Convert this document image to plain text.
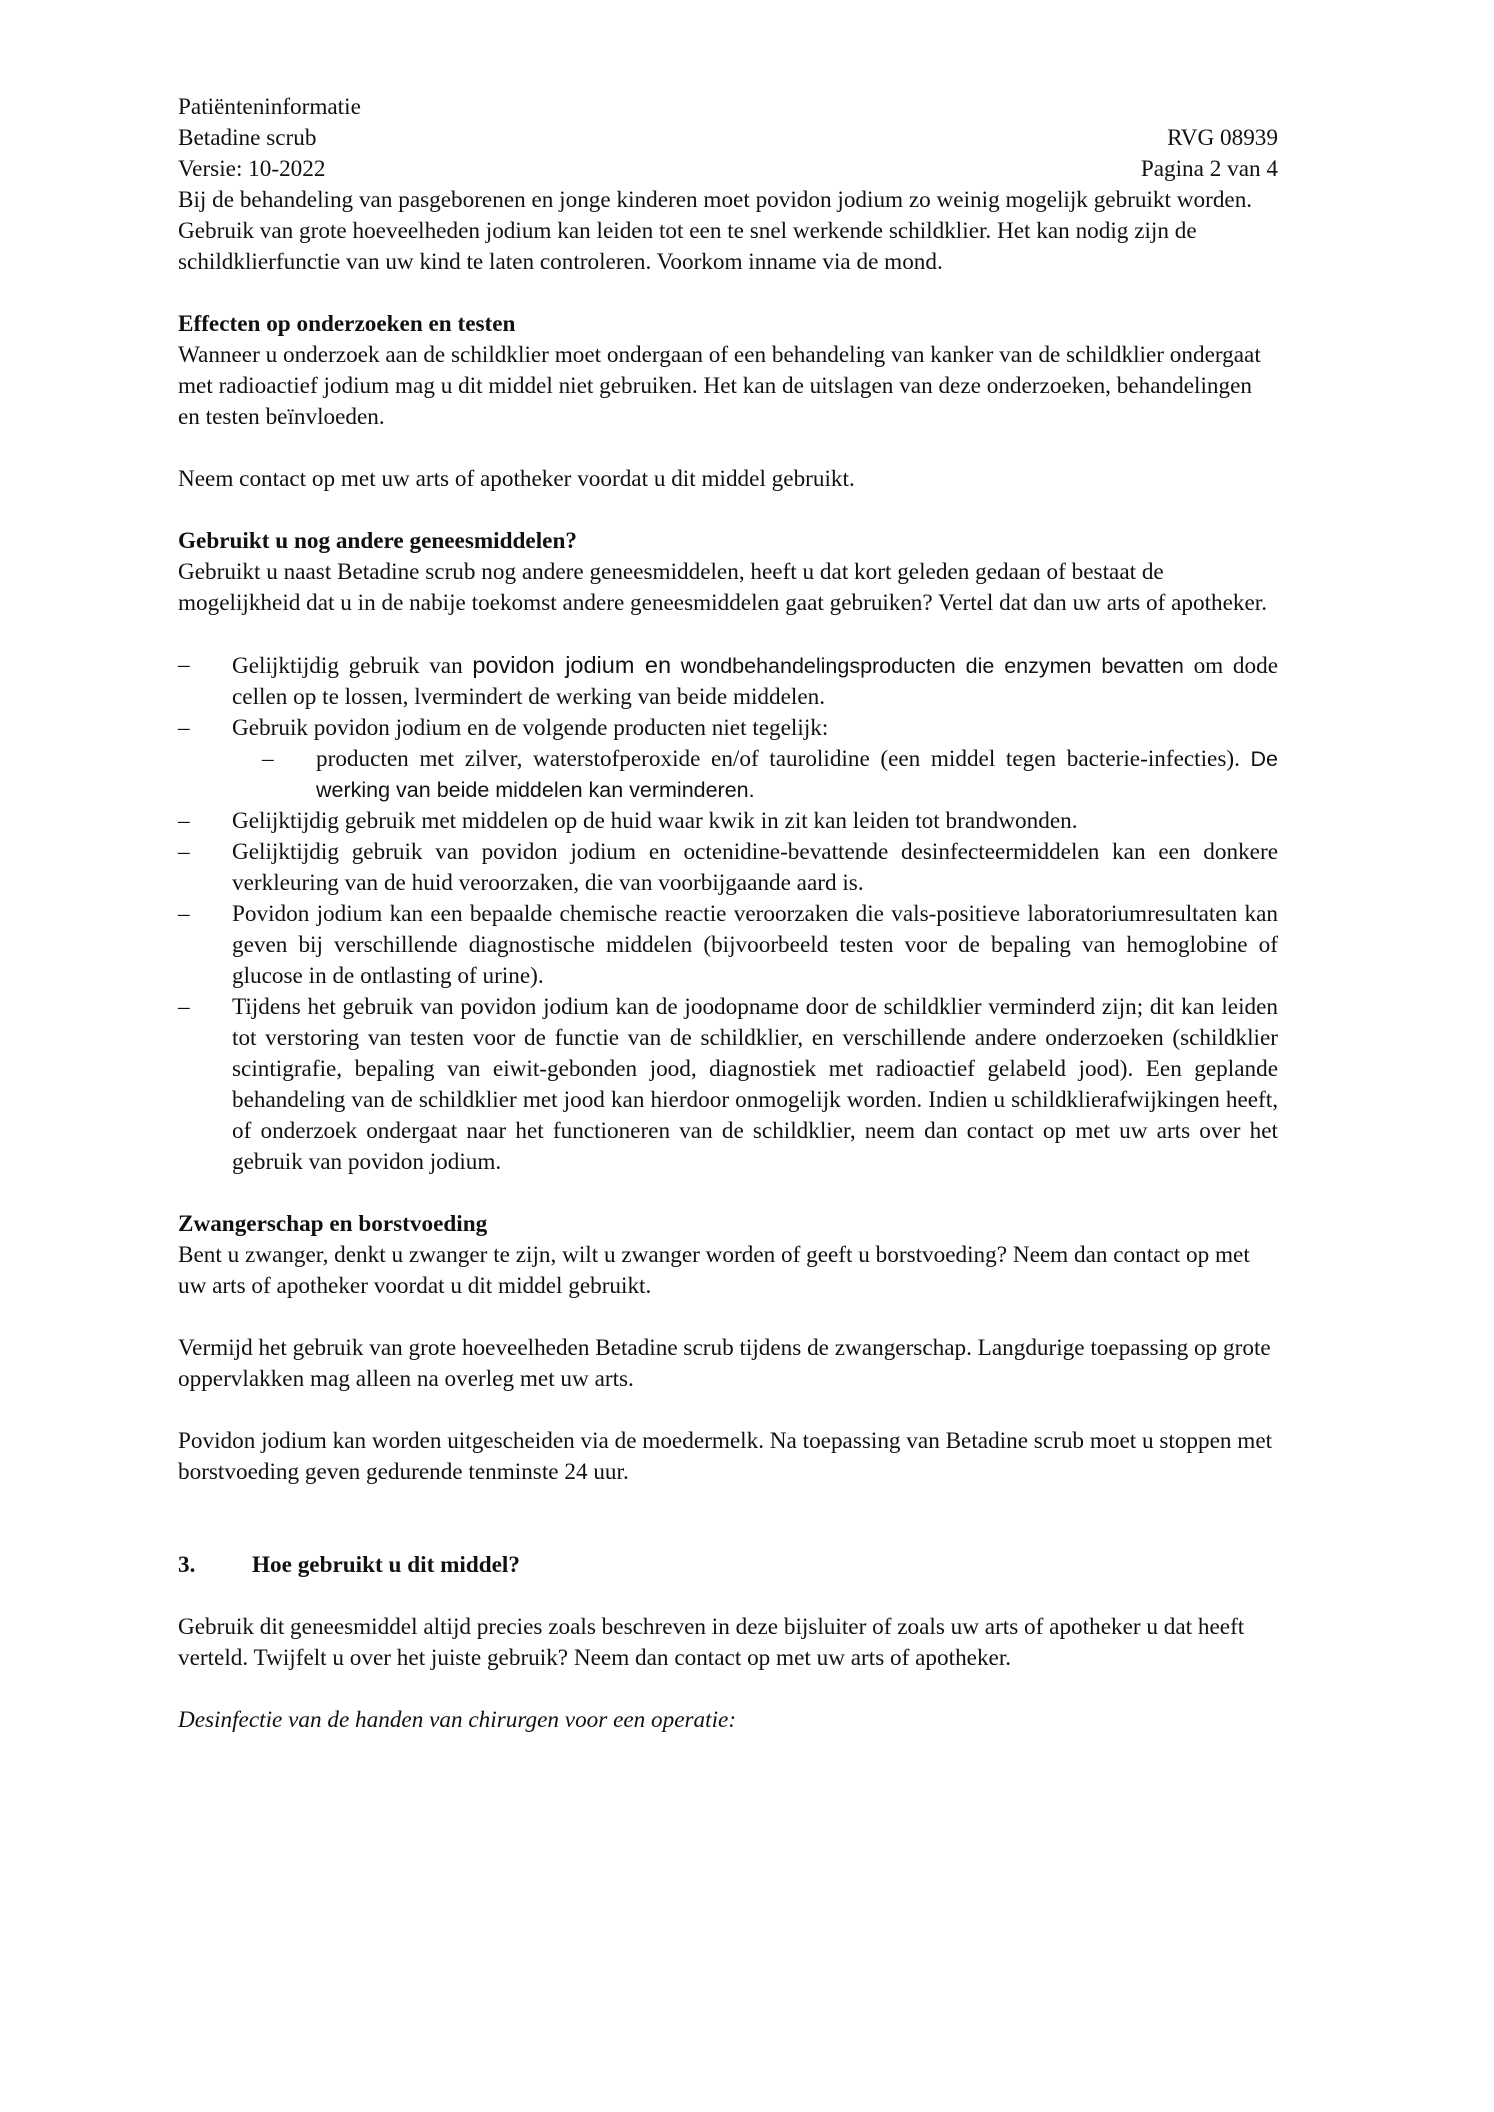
Patiënteninformatie
Betadine scrub	RVG 08939
Versie: 10-2022	Pagina 2 van 4

Bij de behandeling van pasgeborenen en jonge kinderen moet povidon jodium zo weinig mogelijk gebruikt worden. Gebruik van grote hoeveelheden jodium kan leiden tot een te snel werkende schildklier. Het kan nodig zijn de schildklierfunctie van uw kind te laten controleren. Voorkom inname via de mond.

Effecten op onderzoeken en testen

Wanneer u onderzoek aan de schildklier moet ondergaan of een behandeling van kanker van de schildklier ondergaat met radioactief jodium mag u dit middel niet gebruiken. Het kan de uitslagen van deze onderzoeken, behandelingen en testen beïnvloeden.

Neem contact op met uw arts of apotheker voordat u dit middel gebruikt.

Gebruikt u nog andere geneesmiddelen?

Gebruikt u naast Betadine scrub nog andere geneesmiddelen, heeft u dat kort geleden gedaan of bestaat de mogelijkheid dat u in de nabije toekomst andere geneesmiddelen gaat gebruiken? Vertel dat dan uw arts of apotheker.

– Gelijktijdig gebruik van povidon jodium en wondbehandelingsproducten die enzymen bevatten om dode cellen op te lossen, lvermindert de werking van beide middelen.
– Gebruik povidon jodium en de volgende producten niet tegelijk:
– producten met zilver, waterstofperoxide en/of taurolidine (een middel tegen bacterie-infecties). De werking van beide middelen kan verminderen.
– Gelijktijdig gebruik met middelen op de huid waar kwik in zit kan leiden tot brandwonden.
– Gelijktijdig gebruik van povidon jodium en octenidine-bevattende desinfecteermiddelen kan een donkere verkleuring van de huid veroorzaken, die van voorbijgaande aard is.
– Povidon jodium kan een bepaalde chemische reactie veroorzaken die vals-positieve laboratoriumresultaten kan geven bij verschillende diagnostische middelen (bijvoorbeeld testen voor de bepaling van hemoglobine of glucose in de ontlasting of urine).
– Tijdens het gebruik van povidon jodium kan de joodopname door de schildklier verminderd zijn; dit kan leiden tot verstoring van testen voor de functie van de schildklier, en verschillende andere onderzoeken (schildklier scintigrafie, bepaling van eiwit-gebonden jood, diagnostiek met radioactief gelabeld jood). Een geplande behandeling van de schildklier met jood kan hierdoor onmogelijk worden. Indien u schildklierafwijkingen heeft, of onderzoek ondergaat naar het functioneren van de schildklier, neem dan contact op met uw arts over het gebruik van povidon jodium.
Zwangerschap en borstvoeding

Bent u zwanger, denkt u zwanger te zijn, wilt u zwanger worden of geeft u borstvoeding? Neem dan contact op met uw arts of apotheker voordat u dit middel gebruikt.

Vermijd het gebruik van grote hoeveelheden Betadine scrub tijdens de zwangerschap. Langdurige toepassing op grote oppervlakken mag alleen na overleg met uw arts.

Povidon jodium kan worden uitgescheiden via de moedermelk. Na toepassing van Betadine scrub moet u stoppen met borstvoeding geven gedurende tenminste 24 uur.

3.	Hoe gebruikt u dit middel?

Gebruik dit geneesmiddel altijd precies zoals beschreven in deze bijsluiter of zoals uw arts of apotheker u dat heeft verteld. Twijfelt u over het juiste gebruik? Neem dan contact op met uw arts of apotheker.

Desinfectie van de handen van chirurgen voor een operatie:
